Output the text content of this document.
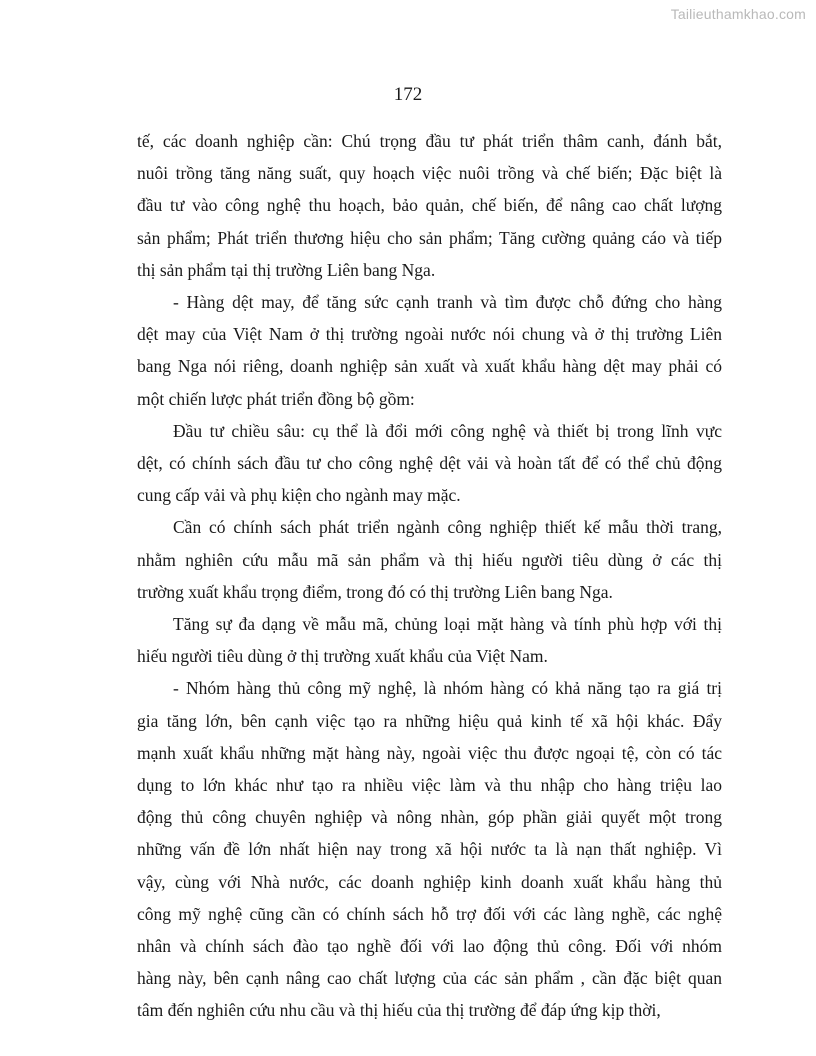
Tailieuthamkhao.com
172
tế, các doanh nghiệp cần: Chú trọng đầu tư phát triển thâm canh, đánh bắt,
nuôi trồng tăng năng suất, quy hoạch việc nuôi trồng và chế biến; Đặc biệt là
đầu tư vào công nghệ thu hoạch, bảo quản, chế biến, để nâng cao chất lượng
sản phẩm; Phát triển thương hiệu cho sản phẩm; Tăng cường quảng cáo và tiếp
thị sản phẩm tại thị trường Liên bang Nga.
- Hàng dệt may, để tăng sức cạnh tranh và tìm được chỗ đứng cho hàng
dệt may của Việt Nam ở thị trường ngoài nước nói chung và ở thị trường Liên
bang Nga nói riêng, doanh nghiệp sản xuất và xuất khẩu hàng dệt may phải có
một chiến lược phát triển đồng bộ gồm:
Đầu tư chiều sâu: cụ thể là đổi mới công nghệ và thiết bị trong lĩnh vực
dệt, có chính sách đầu tư cho công nghệ dệt vải và hoàn tất để có thể chủ động
cung cấp vải và phụ kiện cho ngành may mặc.
Cần có chính sách phát triển ngành công nghiệp thiết kế mẫu thời trang,
nhằm nghiên cứu mẫu mã sản phẩm và thị hiếu người tiêu dùng ở các thị
trường xuất khẩu trọng điểm, trong đó có thị trường Liên bang Nga.
Tăng sự đa dạng về mẫu mã, chủng loại mặt hàng và tính phù hợp với thị
hiếu người tiêu dùng ở thị trường xuất khẩu của Việt Nam.
- Nhóm hàng thủ công mỹ nghệ, là nhóm hàng có khả năng tạo ra giá trị
gia tăng lớn, bên cạnh việc tạo ra những hiệu quả kinh tế xã hội khác. Đẩy
mạnh xuất khẩu những mặt hàng này, ngoài việc thu được ngoại tệ, còn có tác
dụng to lớn khác như tạo ra nhiều việc làm và thu nhập cho hàng triệu lao
động thủ công chuyên nghiệp và nông nhàn, góp phần giải quyết một trong
những vấn đề lớn nhất hiện nay trong xã hội nước ta là nạn thất nghiệp. Vì
vậy, cùng với Nhà nước, các doanh nghiệp kinh doanh xuất khẩu hàng thủ
công mỹ nghệ cũng cần có chính sách hỗ trợ đối với các làng nghề, các nghệ
nhân và chính sách đào tạo nghề đối với lao động thủ công. Đối với nhóm
hàng này, bên cạnh nâng cao chất lượng của các sản phẩm , cần đặc biệt quan
tâm đến nghiên cứu nhu cầu và thị hiếu của thị trường để đáp ứng kịp thời,
